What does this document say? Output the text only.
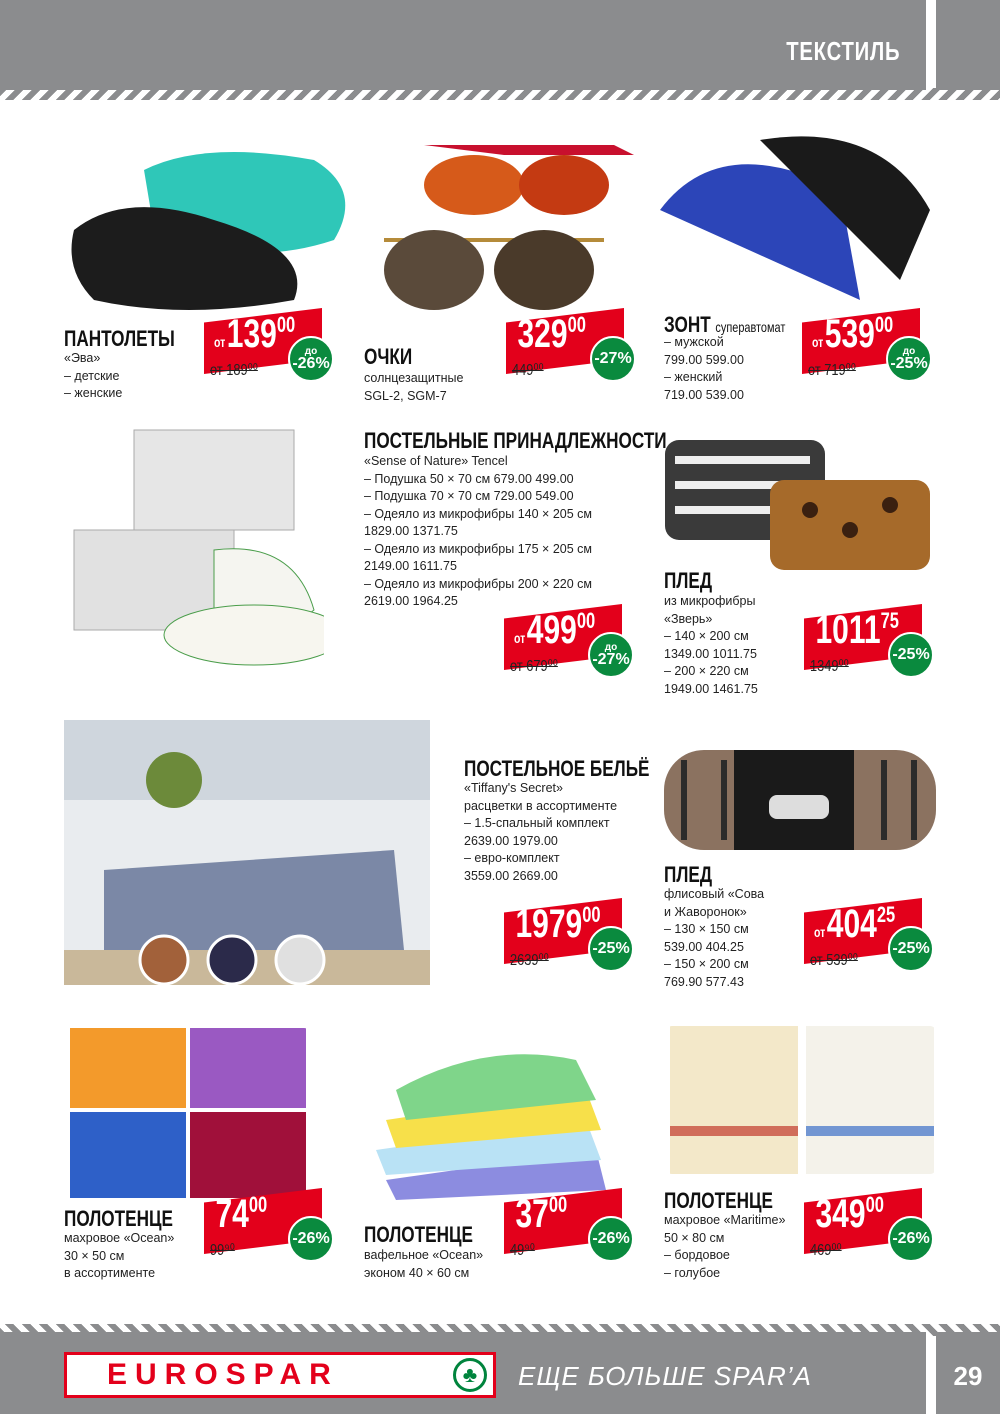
ТЕКСТИЛЬ
ПАНТОЛЕТЫ
«Эва»
– детские
– женские
$от139^{00}$
от 189⁰⁰
до
-26% ОЧКИ
солнцезащитные
SGL-2, SGM-7
$329^{00}$
449⁰⁰
-27%
ЗОНТ суперавтомат
– мужской
799.00 599.00
– женский
719.00 539.00
$от539^{00}$
от 719⁰⁰
до
-25%
ПОСТЕЛЬНЫЕ ПРИНАДЛЕЖНОСТИ
«Sense of Nature» Tencel
– Подушка 50 × 70 см 679.00 499.00
– Подушка 70 × 70 см 729.00 549.00
– Одеяло из микрофибры 140 × 205 см
1829.00 1371.75
– Одеяло из микрофибры 175 × 205 см
2149.00 1611.75
– Одеяло из микрофибры 200 × 220 см
2619.00 1964.25
$от499^{00}$
от 679⁰⁰
до
-27%
ПЛЕД
из микрофибры
«Зверь»
– 140 × 200 см
1349.00 1011.75
– 200 × 220 см
1949.00 1461.75
1011$^{75}$
1349⁰⁰
-25%
ПОСТЕЛЬНОЕ БЕЛЬЁ
«Tiffany's Secret»
расцветки в ассортименте
– 1.5-спальный комплект
2639.00 1979.00
– евро-комплект
3559.00 2669.00
1979$^{00}$
2639⁰⁰
-25%
ПЛЕД
флисовый «Сова
и Жаворонок»
– 130 × 150 см
539.00 404.25
– 150 × 200 см
769.90 577.43
$от404^{25}$
от 539⁰⁰
-25%
ПОЛОТЕНЦЕ
махровое «Ocean»
30 × 50 см
в ассортименте
$74^{00}$
99⁹⁰
-26% ПОЛОТЕНЦЕ
вафельное «Ocean»
эконом 40 × 60 см
$37^{00}$
49⁹⁰
-26%
ПОЛОТЕНЦЕ
махровое «Maritime»
50 × 80 см
– бордовое
– голубое
$349^{00}$
469⁰⁰
-26%
EUROSPAR	♣	ЕЩЕ БОЛЬШЕ SPAR’A	29
